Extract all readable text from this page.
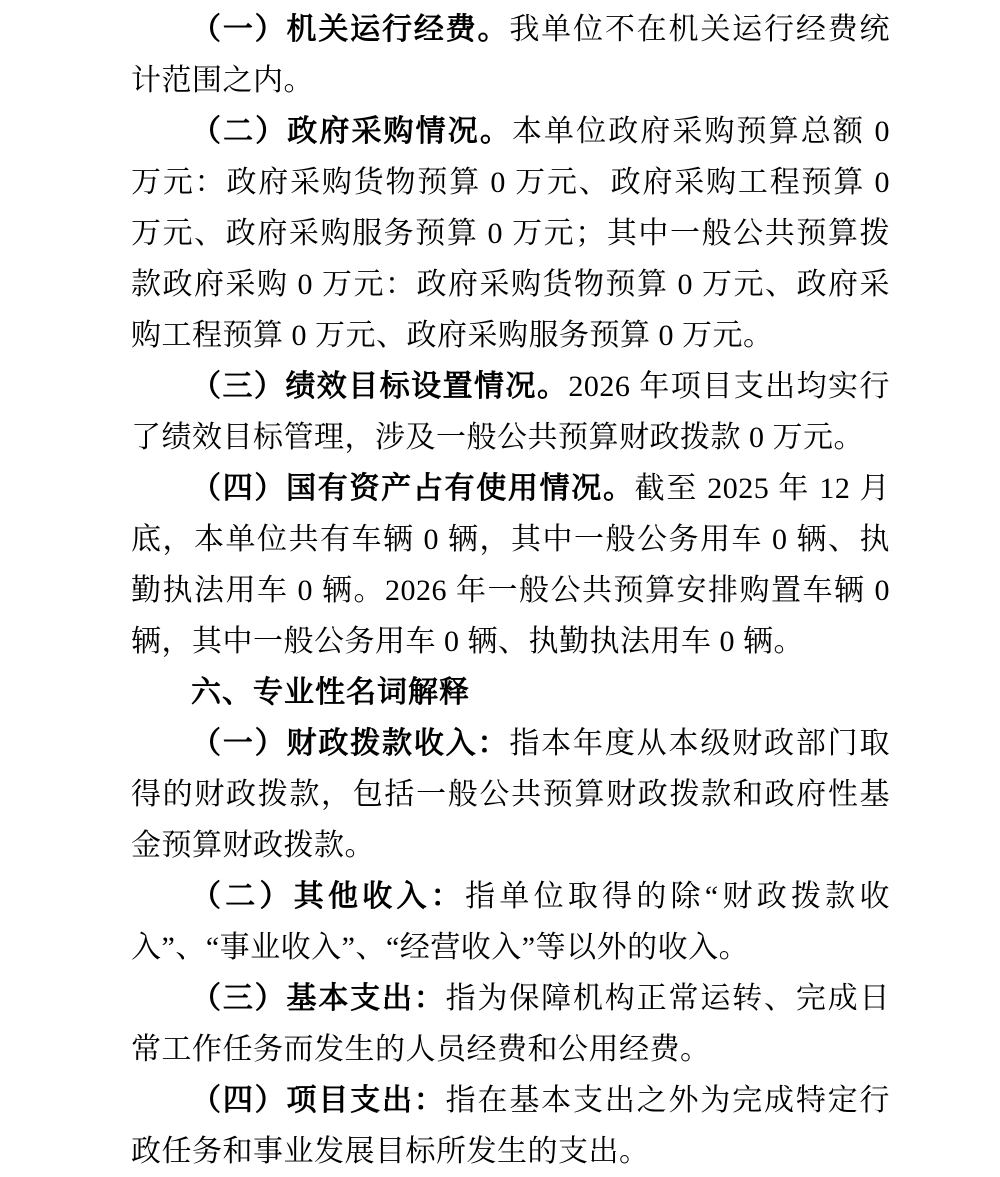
（一）机关运行经费。我单位不在机关运行经费统计范围之内。

（二）政府采购情况。本单位政府采购预算总额 0 万元：政府采购货物预算 0 万元、政府采购工程预算 0 万元、政府采购服务预算 0 万元；其中一般公共预算拨款政府采购 0 万元：政府采购货物预算 0 万元、政府采购工程预算 0 万元、政府采购服务预算 0 万元。

（三）绩效目标设置情况。2026 年项目支出均实行了绩效目标管理，涉及一般公共预算财政拨款 0 万元。

（四）国有资产占有使用情况。截至 2025 年 12 月底，本单位共有车辆 0 辆，其中一般公务用车 0 辆、执勤执法用车 0 辆。2026 年一般公共预算安排购置车辆 0 辆，其中一般公务用车 0 辆、执勤执法用车 0 辆。

六、专业性名词解释

（一）财政拨款收入：指本年度从本级财政部门取得的财政拨款，包括一般公共预算财政拨款和政府性基金预算财政拨款。

（二）其他收入：指单位取得的除“财政拨款收入”、“事业收入”、“经营收入”等以外的收入。

（三）基本支出：指为保障机构正常运转、完成日常工作任务而发生的人员经费和公用经费。

（四）项目支出：指在基本支出之外为完成特定行政任务和事业发展目标所发生的支出。
